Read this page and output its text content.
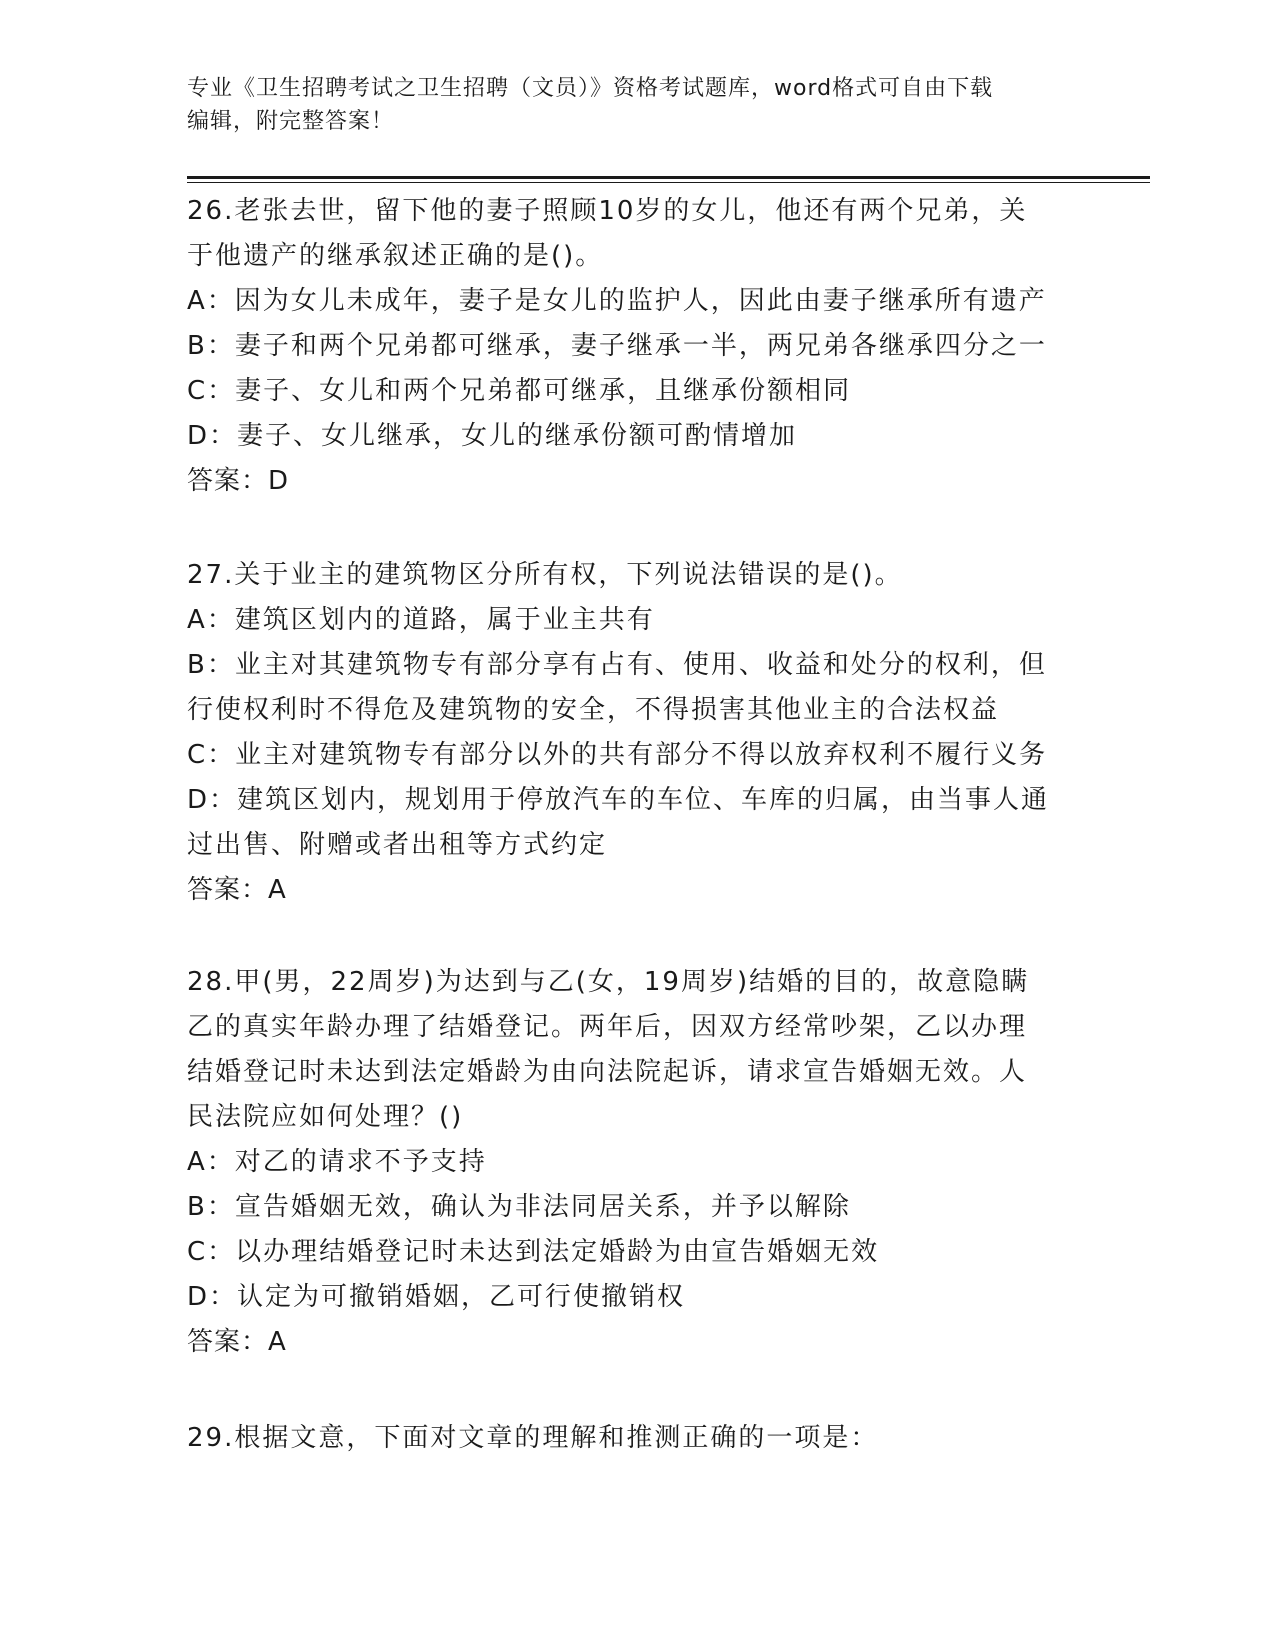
专业《卫生招聘考试之卫生招聘（文员）》资格考试题库，word格式可自由下载
编辑，附完整答案！
26.老张去世，留下他的妻子照顾10岁的女儿，他还有两个兄弟，关
于他遗产的继承叙述正确的是()。
A：因为女儿未成年，妻子是女儿的监护人，因此由妻子继承所有遗产
B：妻子和两个兄弟都可继承，妻子继承一半，两兄弟各继承四分之一
C：妻子、女儿和两个兄弟都可继承，且继承份额相同
D：妻子、女儿继承，女儿的继承份额可酌情增加
答案：D
27.关于业主的建筑物区分所有权，下列说法错误的是()。
A：建筑区划内的道路，属于业主共有
B：业主对其建筑物专有部分享有占有、使用、收益和处分的权利，但
行使权利时不得危及建筑物的安全，不得损害其他业主的合法权益
C：业主对建筑物专有部分以外的共有部分不得以放弃权利不履行义务
D：建筑区划内，规划用于停放汽车的车位、车库的归属，由当事人通
过出售、附赠或者出租等方式约定
答案：A
28.甲(男，22周岁)为达到与乙(女，19周岁)结婚的目的，故意隐瞒
乙的真实年龄办理了结婚登记。两年后，因双方经常吵架，乙以办理
结婚登记时未达到法定婚龄为由向法院起诉，请求宣告婚姻无效。人
民法院应如何处理？()
A：对乙的请求不予支持
B：宣告婚姻无效，确认为非法同居关系，并予以解除
C：以办理结婚登记时未达到法定婚龄为由宣告婚姻无效
D：认定为可撤销婚姻，乙可行使撤销权
答案：A
29.根据文意，下面对文章的理解和推测正确的一项是：
